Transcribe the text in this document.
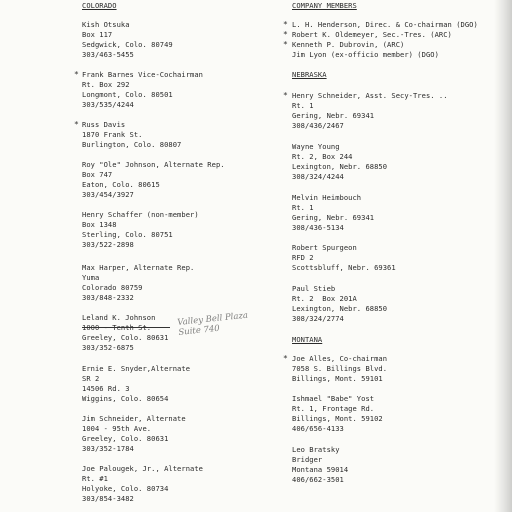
COLORADO
Kish Otsuka
Box 117
Sedgwick, Colo. 80749
303/463-5455
Frank Barnes Vice-Cochairman
Rt. Box 292
Longmont, Colo. 80501
303/535/4244
Russ Davis
1870 Frank St.
Burlington, Colo. 80807
Roy "Ole" Johnson, Alternate Rep.
Box 747
Eaton, Colo. 80615
303/454/3927
Henry Schaffer (non-member)
Box 1348
Sterling, Colo. 80751
303/522-2898
Max Harper, Alternate Rep.
Yuma
Colorado 80759
303/848-2332
Leland K. Johnson
Greeley, Colo. 80631
303/352-6875
Ernie E. Snyder,Alternate
SR 2
14506 Rd. 3
Wiggins, Colo. 80654
Jim Schneider, Alternate
1004 - 95th Ave.
Greeley, Colo. 80631
303/352-1784
Joe Palougek, Jr., Alternate
Rt. #1
Holyoke, Colo. 80734
303/854-3482
Valley Bell Plaza Suite 740
*
*
COMPANY MEMBERS
L. H. Henderson, Direc. & Co-chairman (DGO)
Robert K. Oldemeyer, Sec.-Tres. (ARC)
Kenneth P. Dubrovin, (ARC)
Jim Lyon (ex-officio member) (DGO)
NEBRASKA
Henry Schneider, Asst. Secy-Tres. ..
Rt. 1
Gering, Nebr. 69341
308/436/2467
Wayne Young
Rt. 2, Box 244
Lexington, Nebr. 68850
308/324/4244
Melvin Heimbouch
Rt. 1
Gering, Nebr. 69341
308/436-5134
Robert Spurgeon
RFD 2
Scottsbluff, Nebr. 69361
Paul Stieb
Rt. 2  Box 201A
Lexington, Nebr. 68850
308/324/2774
MONTANA
Joe Alles, Co-chairman
7058 S. Billings Blvd.
Billings, Mont. 59101
Ishmael "Babe" Yost
Rt. 1, Frontage Rd.
Billings, Mont. 59102
406/656-4133
Leo Bratsky
Bridger
Montana 59014
406/662-3501
*
*
*
*
*
